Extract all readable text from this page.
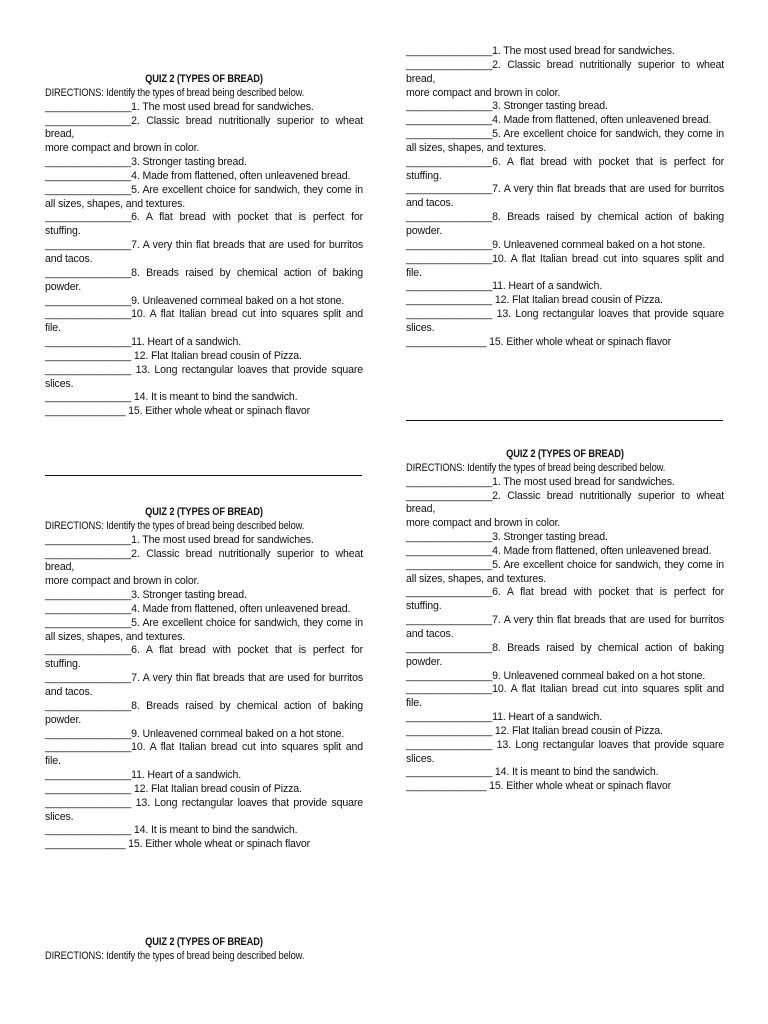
QUIZ 2 (TYPES OF BREAD)
DIRECTIONS: Identify the types of bread being described below.
_______________1. The most used bread for sandwiches.
_______________2. Classic bread nutritionally superior to wheat bread,
more compact and brown in color.
_______________3. Stronger tasting bread.
_______________4. Made from flattened, often unleavened bread.
_______________5. Are excellent choice for sandwich, they come in all sizes, shapes, and textures.
_______________6. A flat bread with pocket that is perfect for stuffing.
_______________7. A very thin flat breads that are used for burritos and tacos.
_______________8. Breads raised by chemical action of baking powder.
_______________9. Unleavened cornmeal baked on a hot stone.
_______________10. A flat Italian bread cut into squares split and file.
_______________11. Heart of a sandwich.
_______________ 12. Flat Italian bread cousin of Pizza.
_______________ 13. Long rectangular loaves that provide square slices.
_______________ 14. It is meant to bind the sandwich.
______________ 15. Either whole wheat or spinach flavor
_______________1. The most used bread for sandwiches.
_______________2. Classic bread nutritionally superior to wheat bread,
more compact and brown in color.
_______________3. Stronger tasting bread.
_______________4. Made from flattened, often unleavened bread.
_______________5. Are excellent choice for sandwich, they come in all sizes, shapes, and textures.
_______________6. A flat bread with pocket that is perfect for stuffing.
_______________7. A very thin flat breads that are used for burritos and tacos.
_______________8. Breads raised by chemical action of baking powder.
_______________9. Unleavened cornmeal baked on a hot stone.
_______________10. A flat Italian bread cut into squares split and file.
_______________11. Heart of a sandwich.
_______________ 12. Flat Italian bread cousin of Pizza.
_______________ 13. Long rectangular loaves that provide square slices.
______________ 15. Either whole wheat or spinach flavor
QUIZ 2 (TYPES OF BREAD)
DIRECTIONS: Identify the types of bread being described below.
_______________1. The most used bread for sandwiches.
_______________2. Classic bread nutritionally superior to wheat bread,
more compact and brown in color.
_______________3. Stronger tasting bread.
_______________4. Made from flattened, often unleavened bread.
_______________5. Are excellent choice for sandwich, they come in all sizes, shapes, and textures.
_______________6. A flat bread with pocket that is perfect for stuffing.
_______________7. A very thin flat breads that are used for burritos and tacos.
_______________8. Breads raised by chemical action of baking powder.
_______________9. Unleavened cornmeal baked on a hot stone.
_______________10. A flat Italian bread cut into squares split and file.
_______________11. Heart of a sandwich.
_______________ 12. Flat Italian bread cousin of Pizza.
_______________ 13. Long rectangular loaves that provide square slices.
_______________ 14. It is meant to bind the sandwich.
______________ 15. Either whole wheat or spinach flavor
QUIZ 2 (TYPES OF BREAD)
DIRECTIONS: Identify the types of bread being described below.
_______________1. The most used bread for sandwiches.
_______________2. Classic bread nutritionally superior to wheat bread,
more compact and brown in color.
_______________3. Stronger tasting bread.
_______________4. Made from flattened, often unleavened bread.
_______________5. Are excellent choice for sandwich, they come in all sizes, shapes, and textures.
_______________6. A flat bread with pocket that is perfect for stuffing.
_______________7. A very thin flat breads that are used for burritos and tacos.
_______________8. Breads raised by chemical action of baking powder.
_______________9. Unleavened cornmeal baked on a hot stone.
_______________10. A flat Italian bread cut into squares split and file.
_______________11. Heart of a sandwich.
_______________ 12. Flat Italian bread cousin of Pizza.
_______________ 13. Long rectangular loaves that provide square slices.
_______________ 14. It is meant to bind the sandwich.
______________ 15. Either whole wheat or spinach flavor
QUIZ 2 (TYPES OF BREAD)
DIRECTIONS: Identify the types of bread being described below.
